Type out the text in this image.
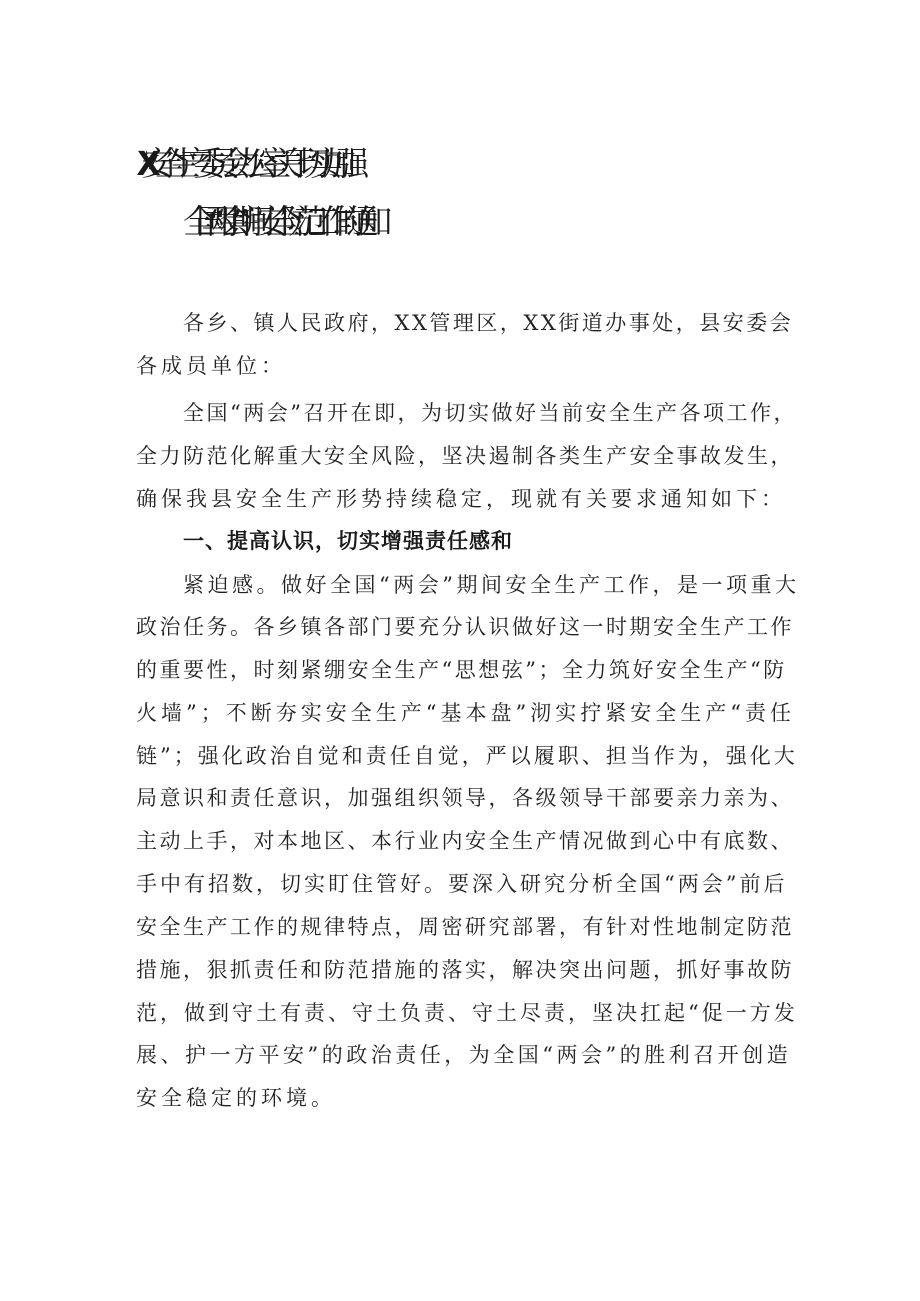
XX安全生产委员会办公室关于切实加强
全国“两会”期间安全防范工作的通知
各乡、镇人民政府，XX管理区，XX街道办事处，县安委会
各成员单位：
全国“两会”召开在即，为切实做好当前安全生产各项工作，
全力防范化解重大安全风险，坚决遏制各类生产安全事故发生，
确保我县安全生产形势持续稳定，现就有关要求通知如下：
一、提高认识，切实增强责任感和
紧迫感。做好全国“两会”期间安全生产工作，是一项重大
政治任务。各乡镇各部门要充分认识做好这一时期安全生产工作
的重要性，时刻紧绷安全生产“思想弦”；全力筑好安全生产“防
火墙”；不断夯实安全生产“基本盘”沏实拧紧安全生产“责任
链”；强化政治自觉和责任自觉，严以履职、担当作为，强化大
局意识和责任意识，加强组织领导，各级领导干部要亲力亲为、
主动上手，对本地区、本行业内安全生产情况做到心中有底数、
手中有招数，切实盯住管好。要深入研究分析全国“两会”前后
安全生产工作的规律特点，周密研究部署，有针对性地制定防范
措施，狠抓责任和防范措施的落实，解决突出问题，抓好事故防
范，做到守土有责、守土负责、守土尽责，坚决扛起“促一方发
展、护一方平安”的政治责任，为全国“两会”的胜利召开创造
安全稳定的环境。
